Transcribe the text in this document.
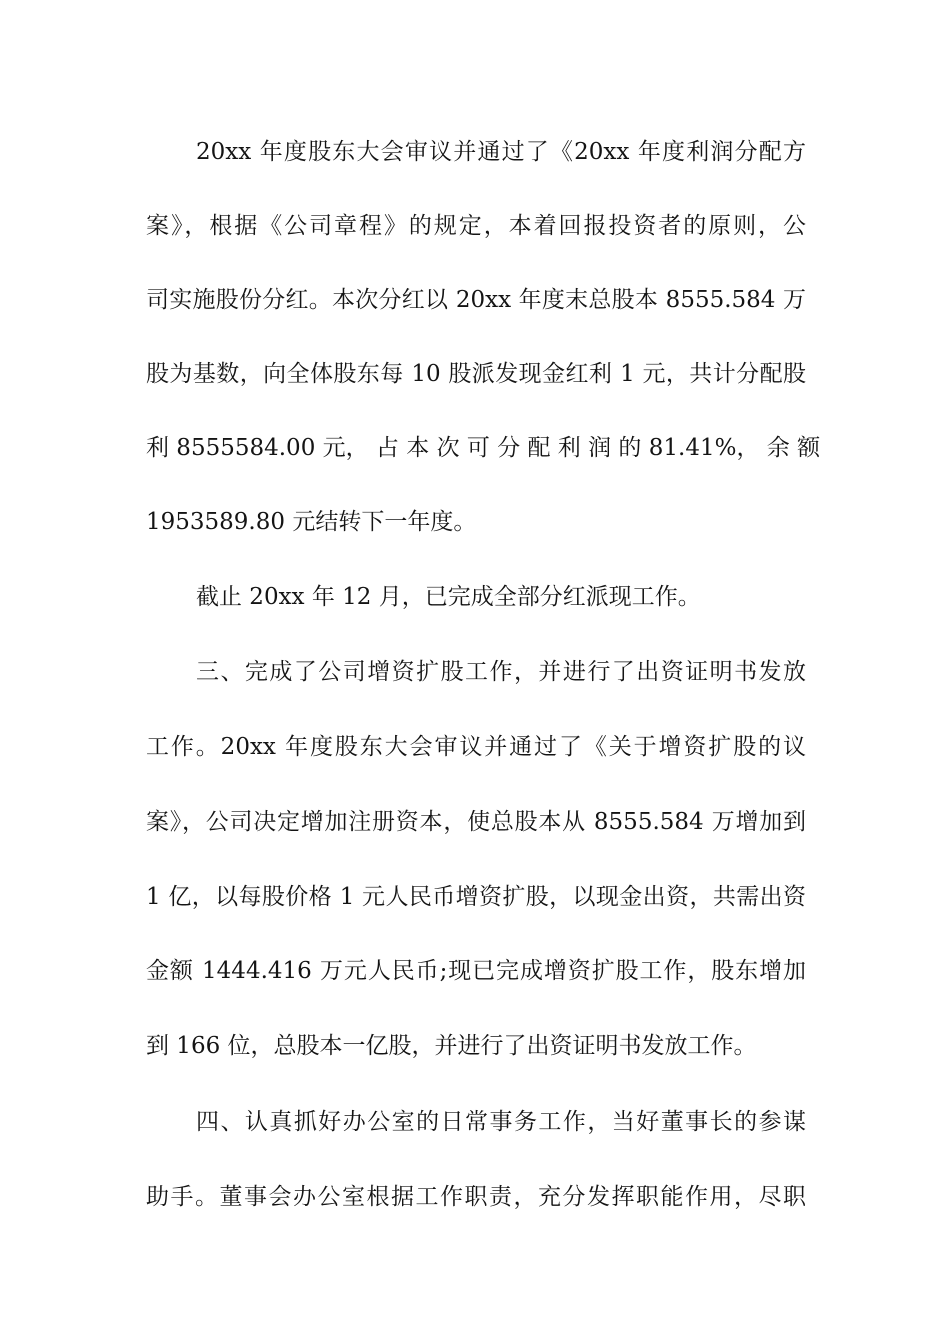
20xx 年度股东大会审议并通过了《20xx 年度利润分配方
案》，根据《公司章程》的规定，本着回报投资者的原则，公
司实施股份分红。本次分红以 20xx 年度末总股本 8555.584 万
股为基数，向全体股东每 10 股派发现金红利 1 元，共计分配股
利 8555584.00 元， 占 本 次 可 分 配 利 润 的 81.41%， 余 额
1953589.80 元结转下一年度。
截止 20xx 年 12 月，已完成全部分红派现工作。
三、完成了公司增资扩股工作，并进行了出资证明书发放
工作。20xx 年度股东大会审议并通过了《关于增资扩股的议
案》，公司决定增加注册资本，使总股本从 8555.584 万增加到
1 亿，以每股价格 1 元人民币增资扩股，以现金出资，共需出资
金额 1444.416 万元人民币;现已完成增资扩股工作，股东增加
到 166 位，总股本一亿股，并进行了出资证明书发放工作。
四、认真抓好办公室的日常事务工作，当好董事长的参谋
助手。董事会办公室根据工作职责，充分发挥职能作用，尽职
